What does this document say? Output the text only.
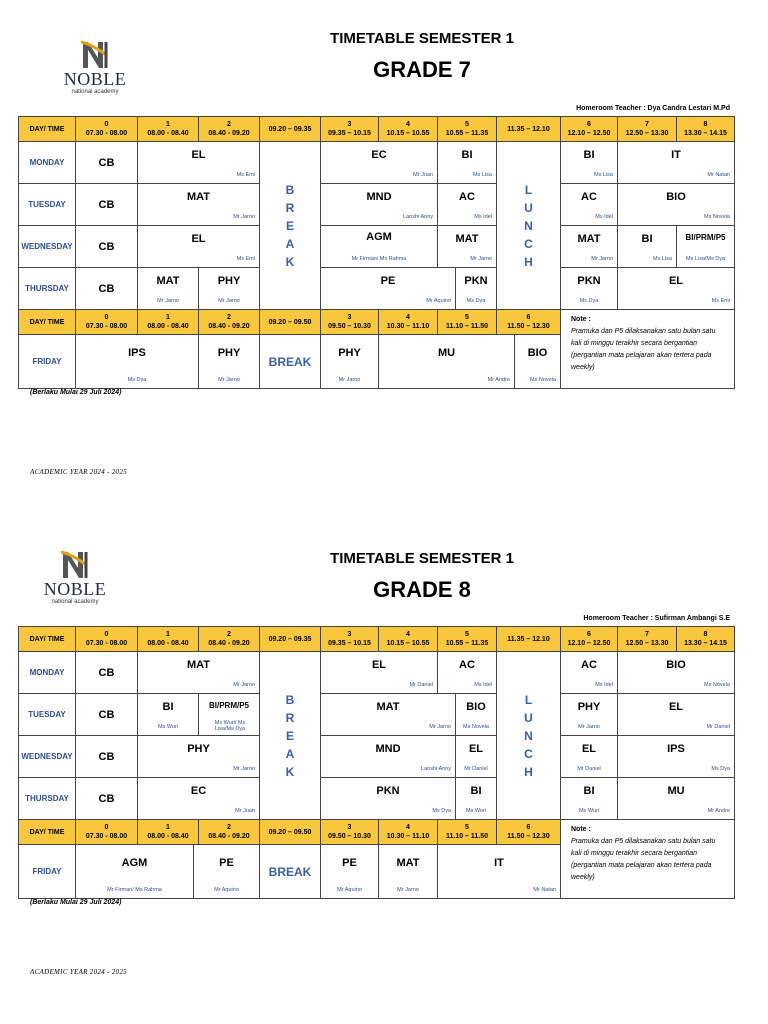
NOBLE
national academy
TIMETABLE SEMESTER 1
GRADE 7
Homeroom Teacher : Dya Candra Lestari M.Pd
DAY/ TIME
0
07.30 - 08.00
1
08.00 - 08.40
2
08.40 - 09.20
09.20 – 09.35
3
09.35 – 10.15
4
10.15 – 10.55
5
10.55 – 11.35
11.35 – 12.10
6
12.10 – 12.50
7
12.50 – 13.30
8
13.30 – 14.15
MONDAY
TUESDAY
WEDNESDAY
THURSDAY
B
R
E
A
K
L
U
N
C
H
CB
EL
Ms Emi
EC
Mr Juan
BI
Ms Lisa
BI
Ms Lisa
IT
Mr Natan
CB
MAT
Mr Jarno
MND
Laoshi Anny
AC
Ms Idel
AC
Ms Idel
BIO
Ms Novela
CB
EL
Ms Emi
AGM
Mr Firman/ Ms Rahma
MAT
Mr Jarno
MAT
Mr Jarno
BI
Ms Lisa
BI/PRM/P5
Ms Lisa/Ms Dya
CB
MAT
Mr Jarno
PHY
Mr Jarno
PE
Mr Aquino
PKN
Ms Dya
PKN
Ms Dya
EL
Ms Emi
DAY/ TIME
0
07.30 - 08.00
1
08.00 - 08.40
2
08.40 - 09.20
09.20 – 09.50
3
09.50 – 10.30
4
10.30 – 11.10
5
11.10 – 11.50
6
11.50 – 12.30
Note :
Pramuka dan P5 dilaksanakan satu bulan satu kali di minggu terakhir secara bergantian (pergantian mata pelajaran akan tertera pada weekly)
FRIDAY
IPS
Ms Dya
PHY
Mr Jarno
BREAK
PHY
Mr Jarno
MU
Mr Andre
BIO
Ms Novela
(Berlaku Mulai 29 Juli 2024)
ACADEMIC YEAR 2024 - 2025
NOBLE
national academy
TIMETABLE SEMESTER 1
GRADE 8
Homeroom Teacher : Sufirman Ambangi S.E
DAY/ TIME
0
07.30 - 08.00
1
08.00 - 08.40
2
08.40 - 09.20
09.20 – 09.35
3
09.35 – 10.15
4
10.15 – 10.55
5
10.55 – 11.35
11.35 – 12.10
6
12.10 – 12.50
7
12.50 – 13.30
8
13.30 – 14.15
MONDAY
TUESDAY
WEDNESDAY
THURSDAY
B
R
E
A
K
L
U
N
C
H
CB
MAT
Mr Jarno
EL
Mr Daniel
AC
Ms Idel
AC
Ms Idel
BIO
Ms Novela
CB
BI
Ms Wuri
BI/PRM/P5
Ms Wuri/ Ms Lisa/Ms Dya
MAT
Mr Jarno
BIO
Ms Novela
PHY
Mr Jarno
EL
Mr Daniel
CB
PHY
Mr Jarno
MND
Laoshi Anny
EL
Mr Daniel
EL
Mr Daniel
IPS
Ms Dya
CB
EC
Mr Juan
PKN
Ms Dya
BI
Ms Wuri
BI
Ms Wuri
MU
Mr Andre
DAY/ TIME
0
07.30 - 08.00
1
08.00 - 08.40
2
08.40 - 09.20
09.20 – 09.50
3
09.50 – 10.30
4
10.30 – 11.10
5
11.10 – 11.50
6
11.50 – 12.30
Note :
Pramuka dan P5 dilaksanakan satu bulan satu kali di minggu terakhir secara bergantian (pergantian mata pelajaran akan tertera pada weekly)
FRIDAY
AGM
Mr Firman/ Ms Rahma
PE
Mr Aquino
BREAK
PE
Mr Aquino
MAT
Mr Jarno
IT
Mr Natan
(Berlaku Mulai 29 Juli 2024)
ACADEMIC YEAR 2024 - 2025
